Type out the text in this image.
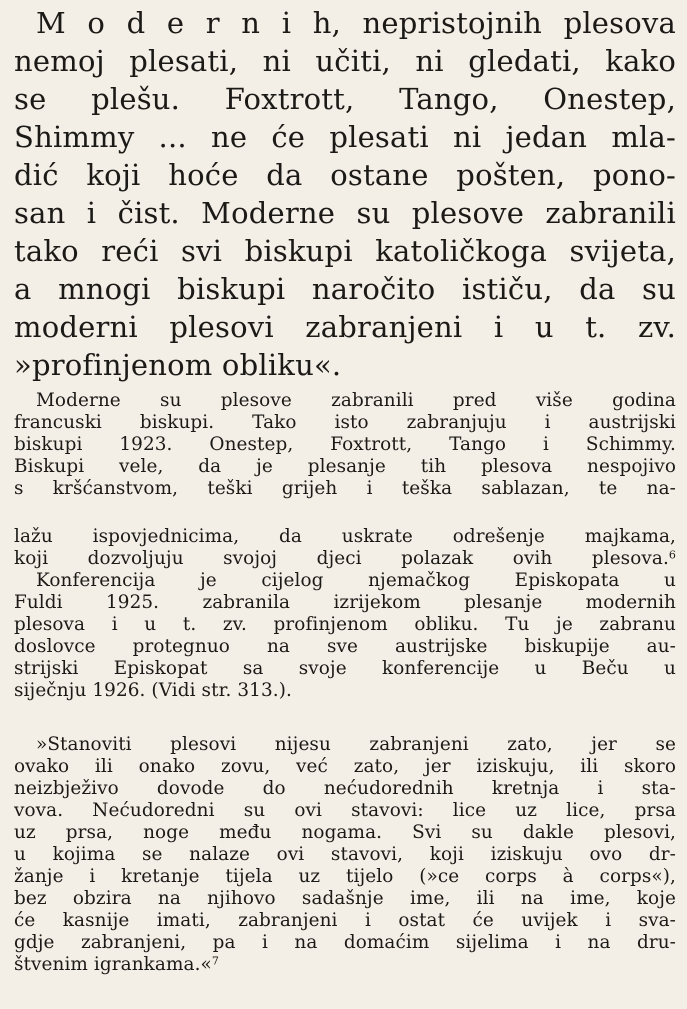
M o d e r n i h, nepristojnih plesova
nemoj plesati, ni učiti, ni gledati, kako
se plešu. Foxtrott, Tango, Onestep,
Shimmy ... ne će plesati ni jedan mla-
dić koji hoće da ostane pošten, pono-
san i čist. Moderne su plesove zabranili
tako reći svi biskupi katoličkoga svijeta,
a mnogi biskupi naročito ističu, da su
moderni plesovi zabranjeni i u t. zv.
»profinjenom obliku«.
Moderne su plesove zabranili pred više godina
francuski biskupi. Tako isto zabranjuju i austrijski
biskupi 1923. Onestep, Foxtrott, Tango i Schimmy.
Biskupi vele, da je plesanje tih plesova nespojivo
s kršćanstvom, teški grijeh i teška sablazan, te na-
lažu ispovjednicima, da uskrate odrešenje majkama,
koji dozvoljuju svojoj djeci polazak ovih plesova.$^6$
Konferencija je cijelog njemačkog Episkopata u
Fuldi 1925. zabranila izrijekom plesanje modernih
plesova i u t. zv. profinjenom obliku. Tu je zabranu
doslovce protegnuo na sve austrijske biskupije au-
strijski Episkopat sa svoje konferencije u Beču u
siječnju 1926. (Vidi str. 313.).
»Stanoviti plesovi nijesu zabranjeni zato, jer se
ovako ili onako zovu, već zato, jer iziskuju, ili skoro
neizbježivo dovode do nećudorednih kretnja i sta-
vova. Nećudoredni su ovi stavovi: lice uz lice, prsa
uz prsa, noge među nogama. Svi su dakle plesovi,
u kojima se nalaze ovi stavovi, koji iziskuju ovo dr-
žanje i kretanje tijela uz tijelo (»ce corps à corps«),
bez obzira na njihovo sadašnje ime, ili na ime, koje
će kasnije imati, zabranjeni i ostat će uvijek i sva-
gdje zabranjeni, pa i na domaćim sijelima i na dru-
štvenim igrankama.«$^7$
